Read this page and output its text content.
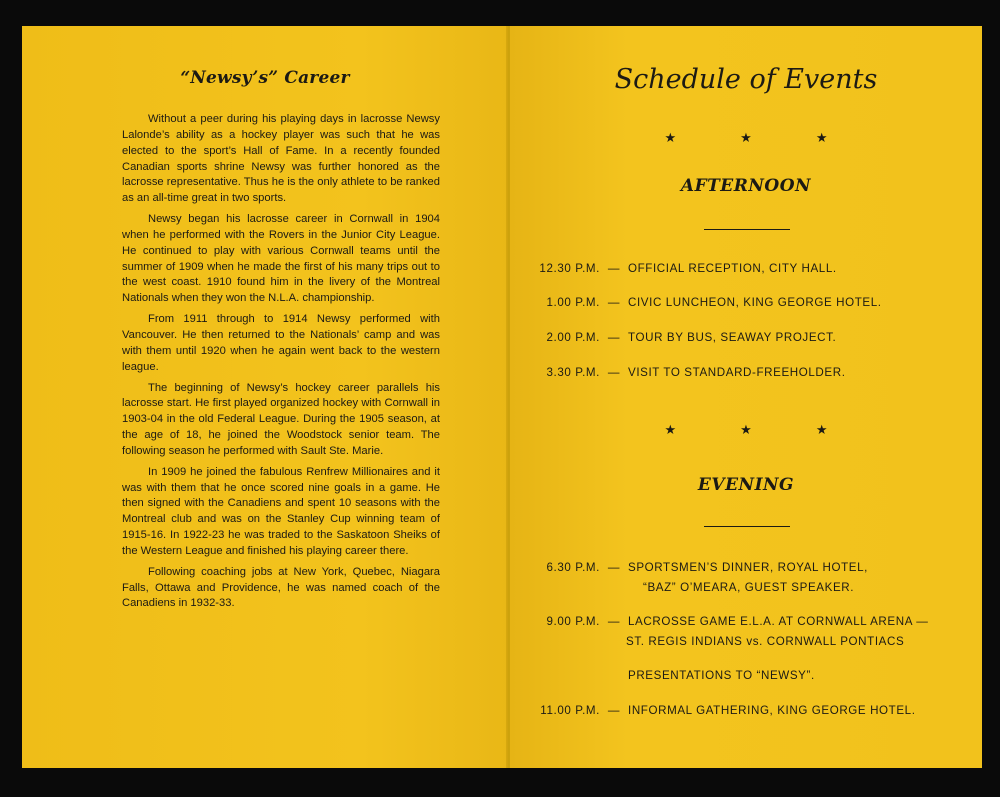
“Newsy’s” Career

Without a peer during his playing days in lacrosse Newsy Lalonde’s ability as a hockey player was such that he was elected to the sport’s Hall of Fame. In a recently founded Canadian sports shrine Newsy was further honored as the lacrosse representative. Thus he is the only athlete to be ranked as an all-time great in two sports.

Newsy began his lacrosse career in Cornwall in 1904 when he performed with the Rovers in the Junior City League. He continued to play with various Cornwall teams until the summer of 1909 when he made the first of his many trips out to the west coast. 1910 found him in the livery of the Montreal Nationals when they won the N.L.A. championship.

From 1911 through to 1914 Newsy performed with Vancouver. He then returned to the Nationals’ camp and was with them until 1920 when he again went back to the western league.

The beginning of Newsy’s hockey career parallels his lacrosse start. He first played organized hockey with Cornwall in 1903-04 in the old Federal League. During the 1905 season, at the age of 18, he joined the Woodstock senior team. The following season he performed with Sault Ste. Marie.

In 1909 he joined the fabulous Renfrew Millionaires and it was with them that he once scored nine goals in a game. He then signed with the Canadiens and spent 10 seasons with the Montreal club and was on the Stanley Cup winning team of 1915-16. In 1922-23 he was traded to the Saskatoon Sheiks of the Western League and finished his playing career there.

Following coaching jobs at New York, Quebec, Niagara Falls, Ottawa and Providence, he was named coach of the Canadiens in 1932-33.

Schedule of Events
★	★	★
AFTERNOON
12.30 P.M. — OFFICIAL RECEPTION, CITY HALL.
1.00 P.M. — CIVIC LUNCHEON, KING GEORGE HOTEL.
2.00 P.M. — TOUR BY BUS, SEAWAY PROJECT.
3.30 P.M. — VISIT TO STANDARD-FREEHOLDER.
★	★	★
EVENING
6.30 P.M. — SPORTSMEN’S DINNER, ROYAL HOTEL,
“BAZ” O’MEARA, GUEST SPEAKER.
9.00 P.M. — LACROSSE GAME E.L.A. AT CORNWALL ARENA —
ST. REGIS INDIANS vs. CORNWALL PONTIACS
PRESENTATIONS TO “NEWSY”.
11.00 P.M. — INFORMAL GATHERING, KING GEORGE HOTEL.
